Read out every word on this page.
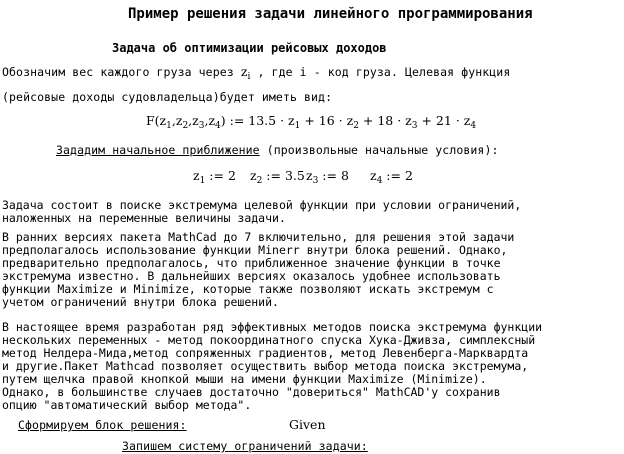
Пример решения задачи линейного программирования
Задача об оптимизации рейсовых доходов
Обозначим вес каждого груза через $z_i$ , где i - код груза. Целевая функция
(рейсовые доходы судовладельца)будет иметь вид:
$F(z_1,z_2,z_3,z_4)$ := $13.5 \cdot z_1 + 16 \cdot z_2 + 18 \cdot z_3 + 21 \cdot z_4$
Зададим начальное приближение (произвольные начальные условия):
$z_1$ := 2 $z_2$ := 3.5 $z_3$ := 8 $z_4$ := 2
Задача состоит в поиске экстремума целевой функции при условии ограничений,
наложенных на переменные величины задачи.
В ранних версиях пакета MathCad до 7 включительно, для решения этой задачи
предполагалось использование функции Minerr внутри блока решений. Однако,
предварительно предполагалось, что приближенное значение функции в точке
экстремума известно. В дальнейших версиях оказалось удобнее использовать
функции Maximize и Minimize, которые также позволяют искать экстремум с
учетом ограничений внутри блока решений.
В настоящее время разработан ряд эффективных методов поиска экстремума функции
нескольких переменных - метод покоординатного спуска Хука-Дживза, симплексный
метод Нелдера-Мида,метод сопряженных градиентов, метод Левенберга-Марквардта
и другие.Пакет Mathcad позволяет осуществить выбор метода поиска экстремума,
путем щелчка правой кнопкой мыши на имени функции Maximize (Minimize).
Однако, в большинстве случаев достаточно "довериться" MathCAD'у сохранив
опцию "автоматический выбор метода".
Сформируем блок решения:	Given
Запишем систему ограничений задачи:
